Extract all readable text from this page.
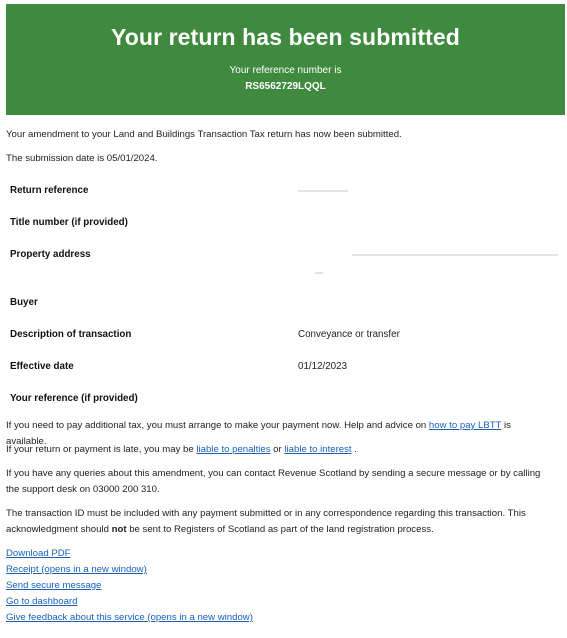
Your return has been submitted
Your reference number is
RS6562729LQQL
Your amendment to your Land and Buildings Transaction Tax return has now been submitted.
The submission date is 05/01/2024.
Return reference
Title number (if provided)
Property address
Buyer
Description of transaction	Conveyance or transfer
Effective date	01/12/2023
Your reference (if provided)
If you need to pay additional tax, you must arrange to make your payment now. Help and advice on how to pay LBTT is available.
If your return or payment is late, you may be liable to penalties or liable to interest .
If you have any queries about this amendment, you can contact Revenue Scotland by sending a secure message or by calling the support desk on 03000 200 310.
The transaction ID must be included with any payment submitted or in any correspondence regarding this transaction. This acknowledgment should not be sent to Registers of Scotland as part of the land registration process.
Download PDF
Receipt (opens in a new window)
Send secure message
Go to dashboard
Give feedback about this service (opens in a new window)
